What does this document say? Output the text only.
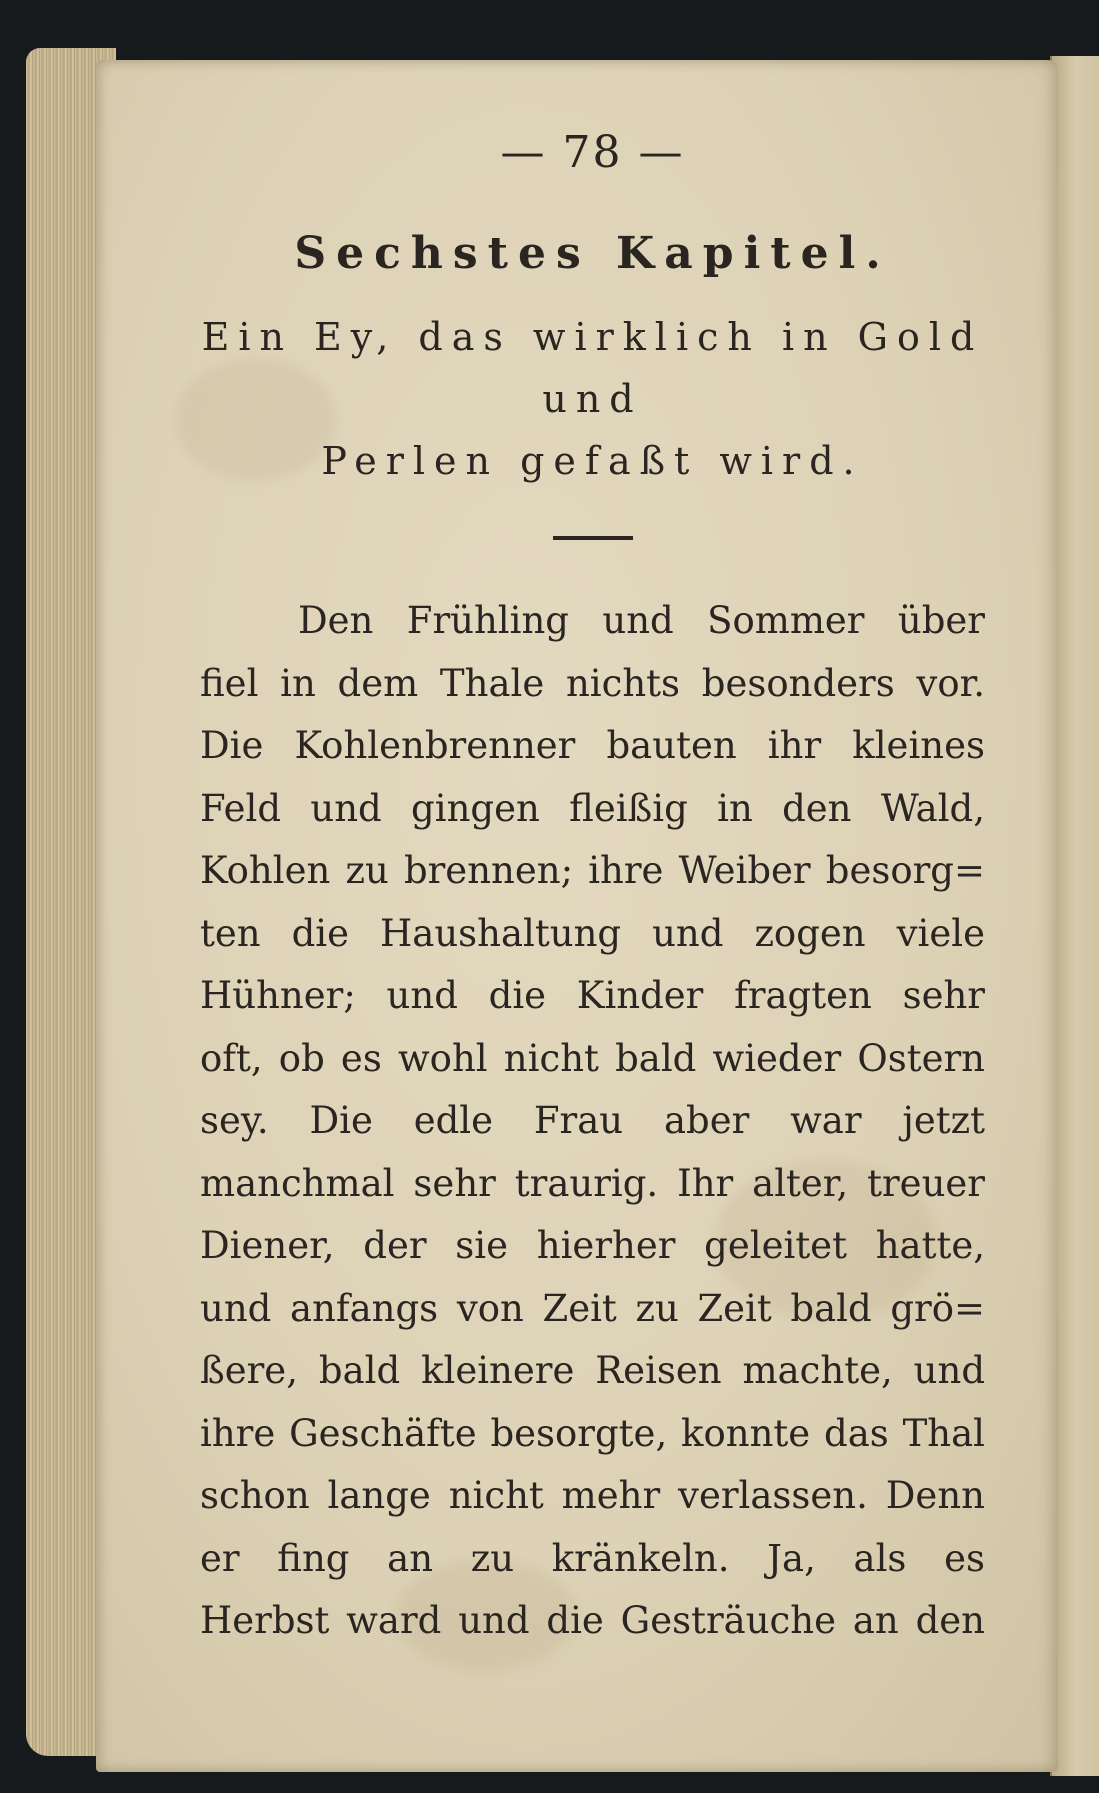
— 78 —
Sechstes Kapitel.
Ein Ey, das wirklich in Gold und
Perlen gefaßt wird.
Den Frühling und Sommer über
fiel in dem Thale nichts besonders vor.
Die Kohlenbrenner bauten ihr kleines
Feld und gingen fleißig in den Wald,
Kohlen zu brennen; ihre Weiber besorg=
ten die Haushaltung und zogen viele
Hühner; und die Kinder fragten sehr
oft, ob es wohl nicht bald wieder Ostern
sey. Die edle Frau aber war jetzt
manchmal sehr traurig. Ihr alter, treuer
Diener, der sie hierher geleitet hatte,
und anfangs von Zeit zu Zeit bald grö=
ßere, bald kleinere Reisen machte, und
ihre Geschäfte besorgte, konnte das Thal
schon lange nicht mehr verlassen. Denn
er fing an zu kränkeln. Ja, als es
Herbst ward und die Gesträuche an den
